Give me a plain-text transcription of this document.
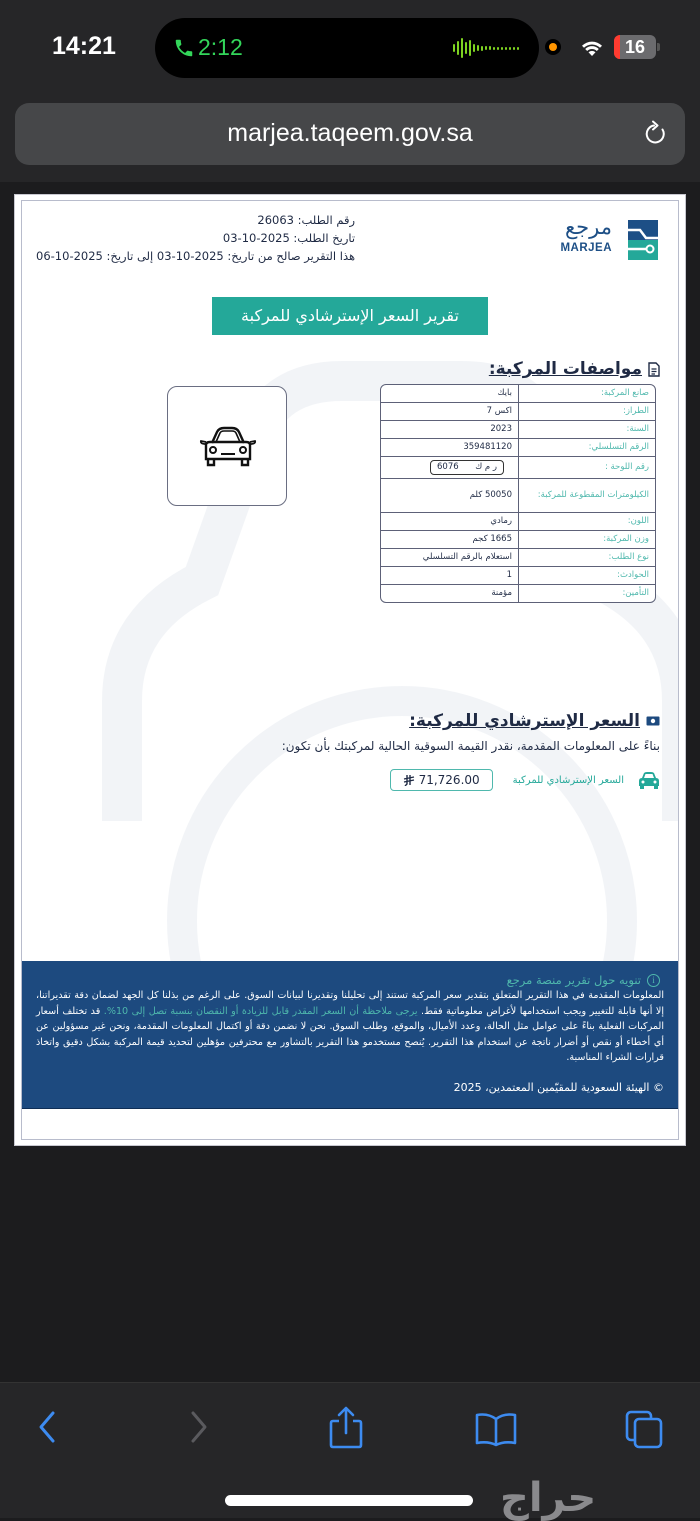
14:21	2:12	16
marjea.taqeem.gov.sa
رقم الطلب: 26063
تاريخ الطلب: 2025-10-03
هذا التقرير صالح من تاريخ: 2025-10-03 إلى تاريخ: 2025-10-06
مرجع
MARJEA
تقرير السعر الإسترشادي للمركبة
مواصفات المركبة:
صانع المركبة:
بايك
الطراز:
اكس 7
السنة:
2023
الرقم التسلسلي:
359481120
رقم اللوحة :
ر م ك
6076
الكيلومترات المقطوعة للمركبة:
50050 كلم
اللون:
رمادي
وزن المركبة:
1665 كجم
نوع الطلب:
استعلام بالرقم التسلسلي
الحوادث:
1
التأمين:
مؤمنة
السعر الإسترشادي للمركبة:
بناءً على المعلومات المقدمة، نقدر القيمة السوقية الحالية لمركبتك بأن تكون:
السعر الإسترشادي للمركبة
71,726.00
i
تنويه حول تقرير منصة مرجع
المعلومات المقدمة في هذا التقرير المتعلق بتقدير سعر المركبة تستند إلى تحليلنا وتقديرنا لبيانات السوق. على الرغم من بذلنا كل الجهد لضمان دقة تقديراتنا، إلا أنها قابلة للتغيير ويجب استخدامها لأغراض معلوماتية فقط. يرجى ملاحظة أن السعر المقدر قابل للزيادة أو النقصان بنسبة تصل إلى 10%. قد تختلف أسعار المركبات الفعلية بناءً على عوامل مثل الحالة، وعدد الأميال، والموقع، وطلب السوق. نحن لا نضمن دقة أو اكتمال المعلومات المقدمة، ونحن غير مسؤولين عن أي أخطاء أو نقص أو أضرار ناتجة عن استخدام هذا التقرير. يُنصح مستخدمو هذا التقرير بالتشاور مع محترفين مؤهلين لتحديد قيمة المركبة بشكل دقيق واتخاذ قرارات الشراء المناسبة.
© الهيئة السعودية للمقيّمين المعتمدين، 2025
حراج
